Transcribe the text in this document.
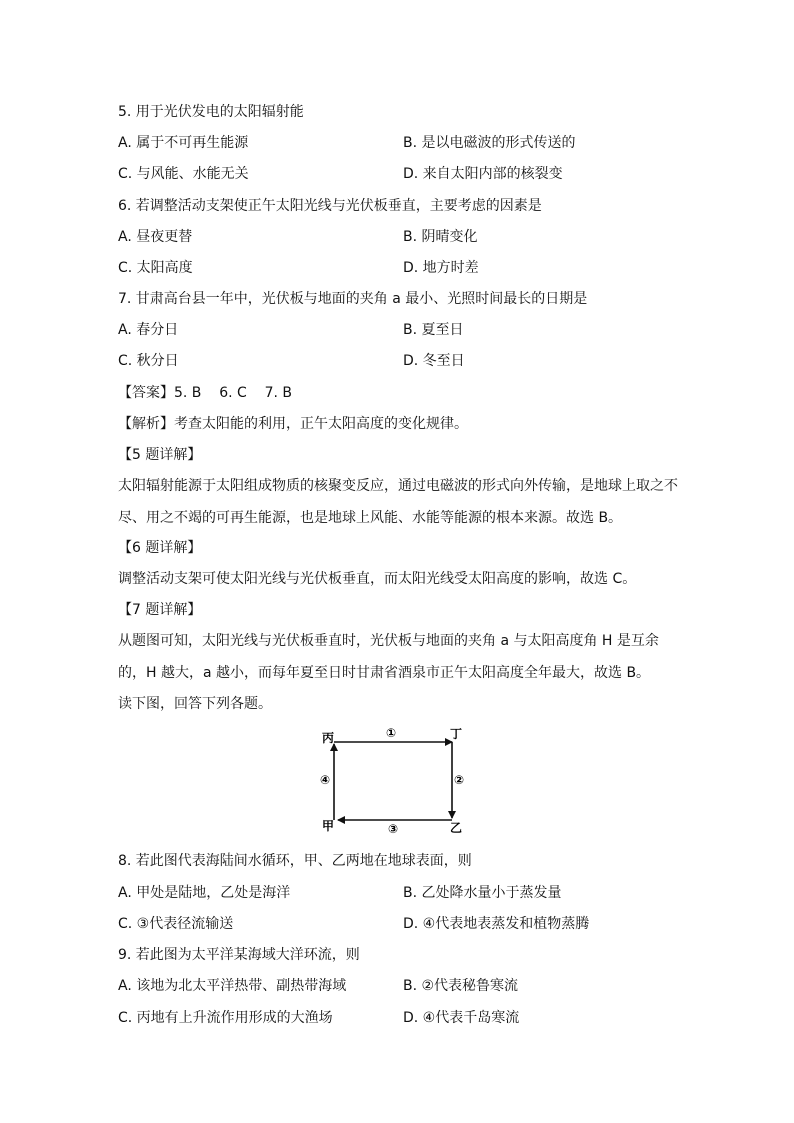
5. 用于光伏发电的太阳辐射能
A. 属于不可再生能源	B. 是以电磁波的形式传送的
C. 与风能、水能无关	D. 来自太阳内部的核裂变
6. 若调整活动支架使正午太阳光线与光伏板垂直，主要考虑的因素是
A. 昼夜更替	B. 阴晴变化
C. 太阳高度	D. 地方时差
7. 甘肃高台县一年中，光伏板与地面的夹角 a 最小、光照时间最长的日期是
A. 春分日	B. 夏至日
C. 秋分日	D. 冬至日
【答案】5. B    6. C    7. B
【解析】考查太阳能的利用，正午太阳高度的变化规律。
【5 题详解】
太阳辐射能源于太阳组成物质的核聚变反应，通过电磁波的形式向外传输，是地球上取之不尽、用之不竭的可再生能源，也是地球上风能、水能等能源的根本来源。故选 B。
【6 题详解】
调整活动支架可使太阳光线与光伏板垂直，而太阳光线受太阳高度的影响，故选 C。
【7 题详解】
从题图可知，太阳光线与光伏板垂直时，光伏板与地面的夹角 a 与太阳高度角 H 是互余的，H 越大，a 越小，而每年夏至日时甘肃省酒泉市正午太阳高度全年最大，故选 B。
读下图，回答下列各题。
丙	丁
甲	乙
①
②
③
④
8. 若此图代表海陆间水循环，甲、乙两地在地球表面，则
A. 甲处是陆地，乙处是海洋	B. 乙处降水量小于蒸发量
C. ③代表径流输送	D. ④代表地表蒸发和植物蒸腾
9. 若此图为太平洋某海域大洋环流，则
A. 该地为北太平洋热带、副热带海域	B. ②代表秘鲁寒流
C. 丙地有上升流作用形成的大渔场	D. ④代表千岛寒流
